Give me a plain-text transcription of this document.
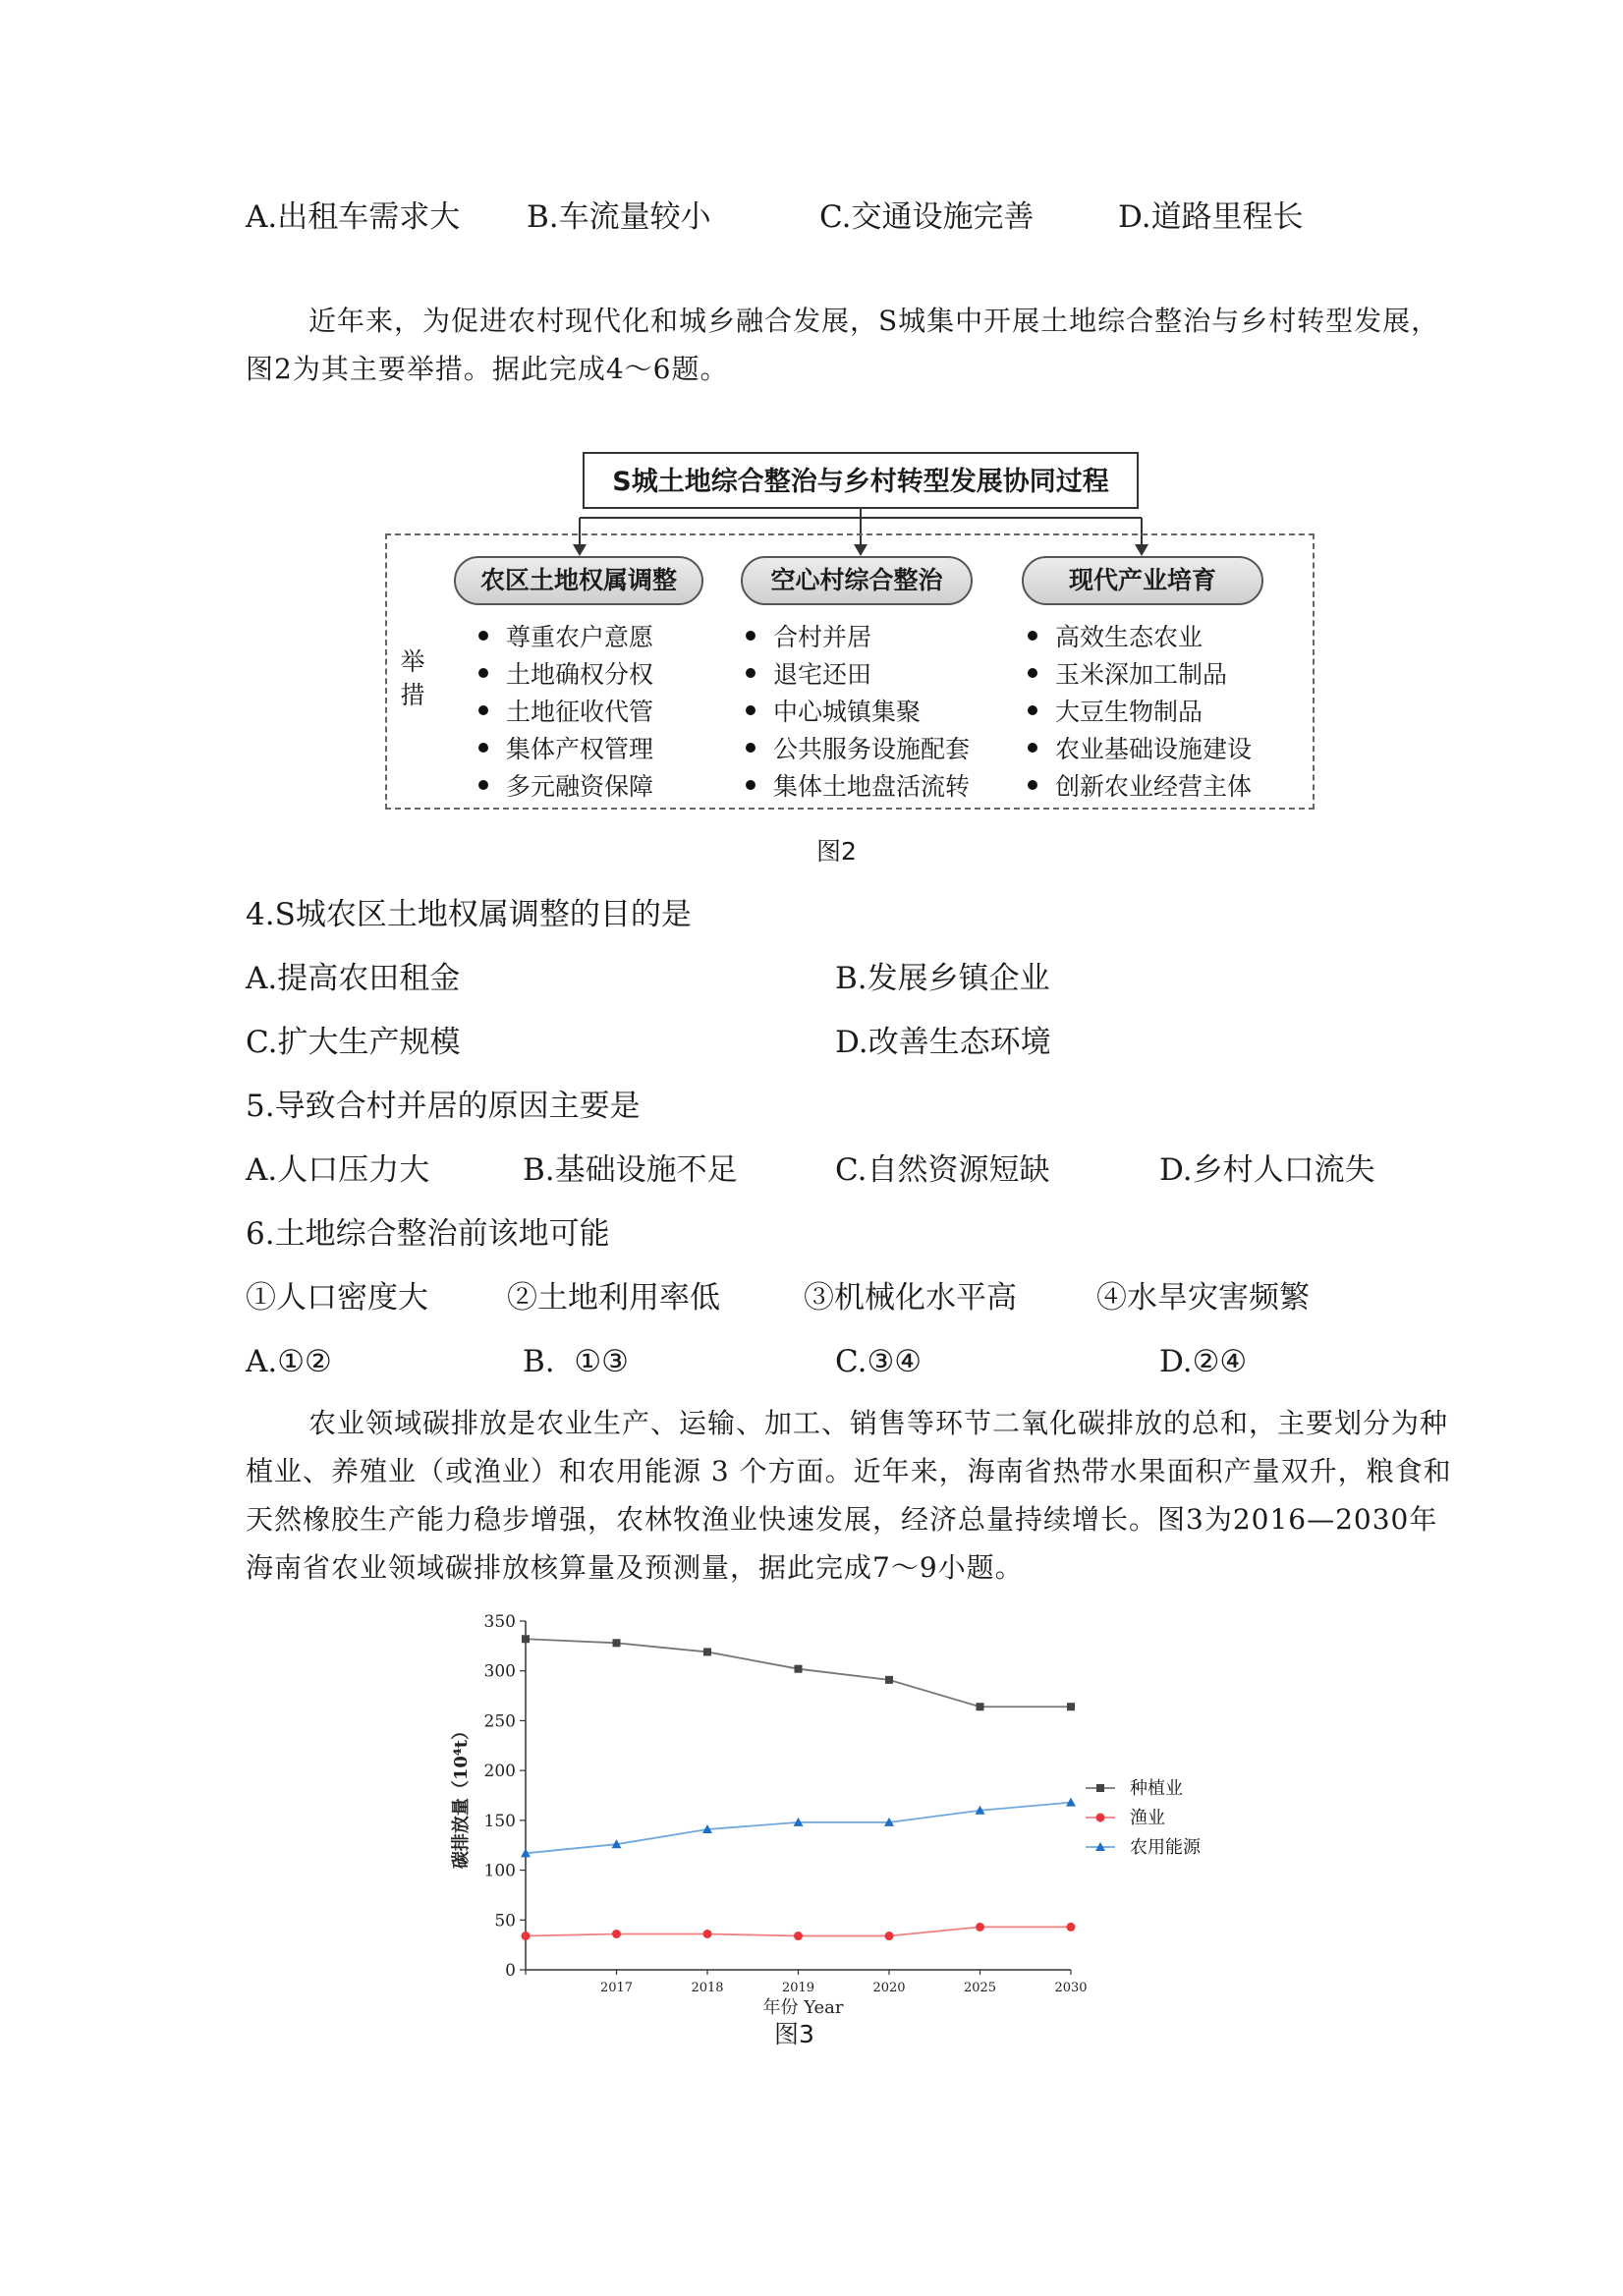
A.出租车需求大 B.车流量较小	C.交通设施完善	D.道路里程长
近年来，为促进农村现代化和城乡融合发展，S城集中开展土地综合整治与乡村转型发展，图2为其主要举措。据此完成4～6题。
S城土地综合整治与乡村转型发展协同过程
农区土地权属调整	空心村综合整治	现代产业培育
举措
尊重农户意愿
土地确权分权
土地征收代管
集体产权管理
多元融资保障
合村并居
退宅还田
中心城镇集聚
公共服务设施配套
集体土地盘活流转
高效生态农业
玉米深加工制品
大豆生物制品
农业基础设施建设
创新农业经营主体
图2
4.S城农区土地权属调整的目的是
A.提高农田租金	B.发展乡镇企业
C.扩大生产规模	D.改善生态环境
5.导致合村并居的原因主要是
A.人口压力大	B.基础设施不足	C.自然资源短缺	D.乡村人口流失
6.土地综合整治前该地可能
①人口密度大	②土地利用率低	③机械化水平高	④水旱灾害频繁
A.①②	B.  ①③	C.③④	D.②④
农业领域碳排放是农业生产、运输、加工、销售等环节二氧化碳排放的总和，主要划分为种植业、养殖业（或渔业）和农用能源 3 个方面。近年来，海南省热带水果面积产量双升，粮食和天然橡胶生产能力稳步增强，农林牧渔业快速发展，经济总量持续增长。图3为2016—2030年海南省农业领域碳排放核算量及预测量，据此完成7～9小题。
0
50
100
150
200
250
300
350
2017	2018	2019	2020	2025	2030
年份 Year
碳排放量（10⁴t）	种植业
渔业
农用能源
图3
